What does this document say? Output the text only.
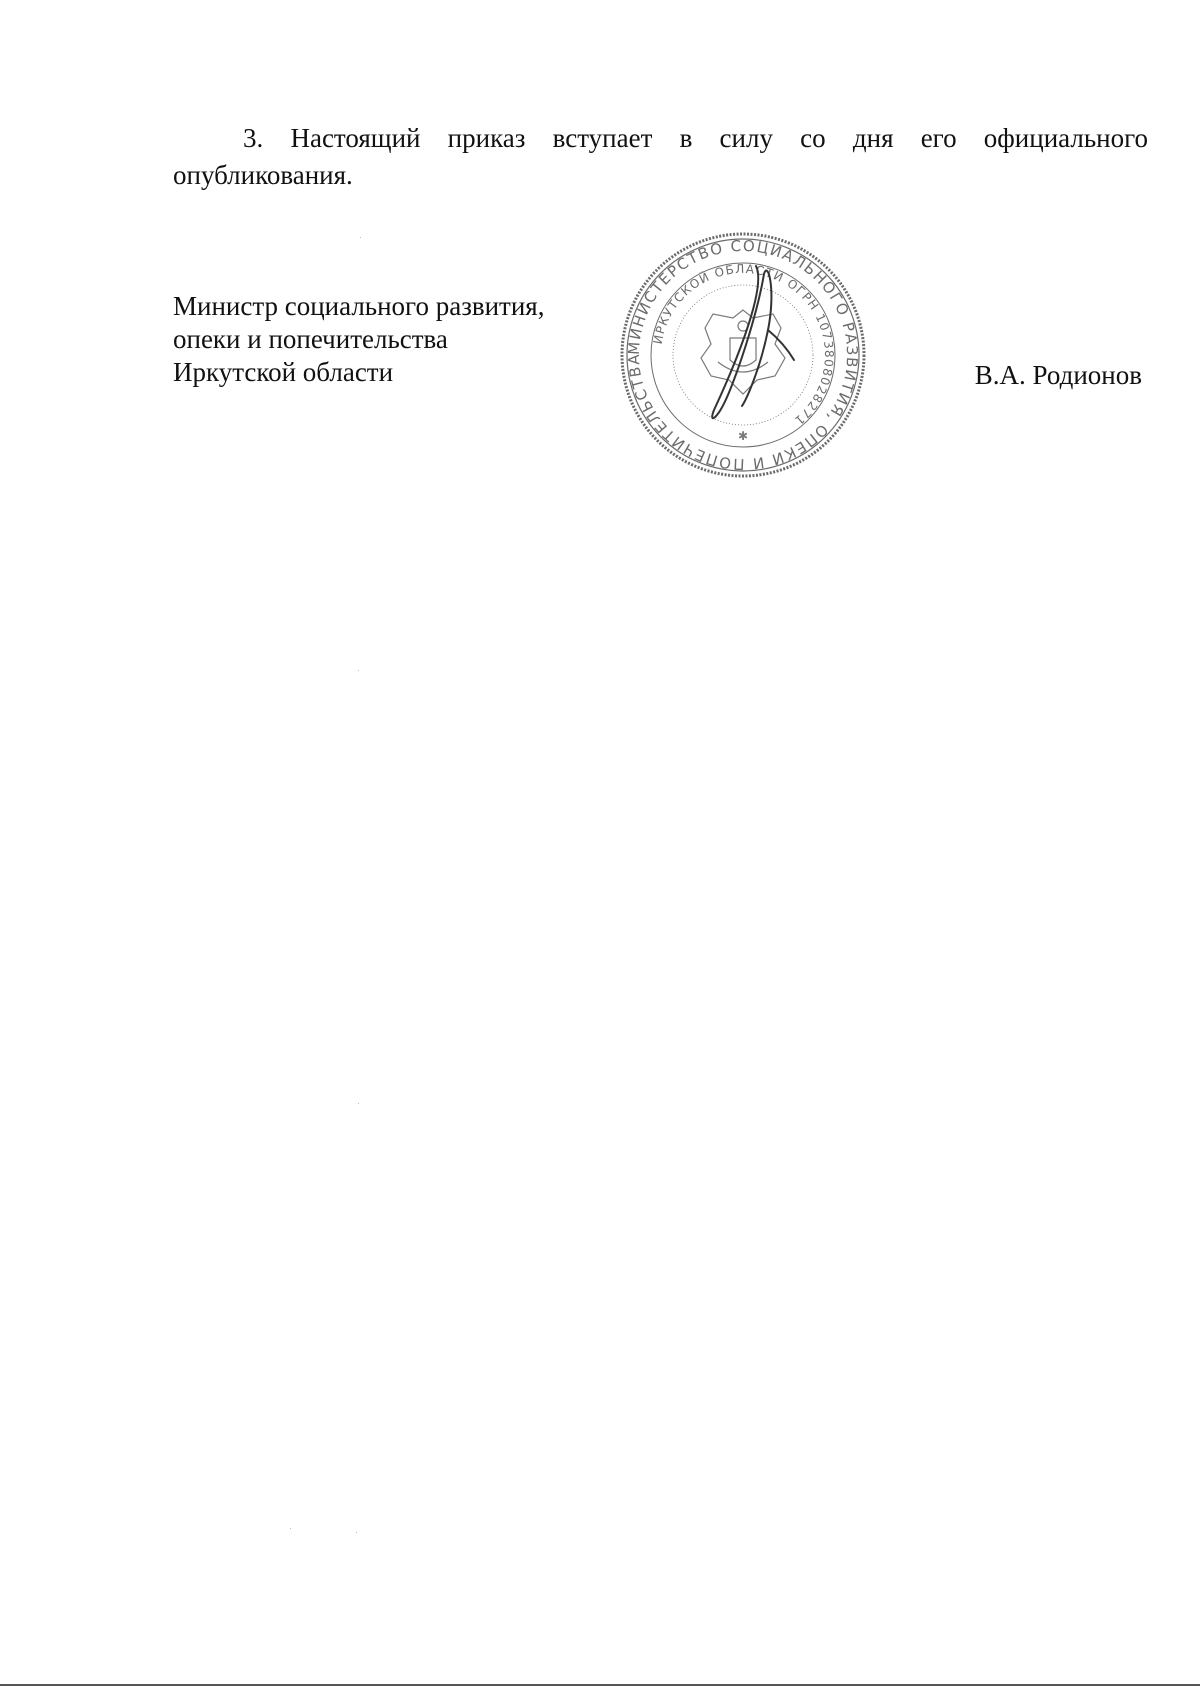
3. Настоящий приказ вступает в силу со дня его официального
опубликования.
Министр социального развития,
опеки и попечительства
Иркутской области
МИНИСТЕРСТВО СОЦИАЛЬНОГО РАЗВИТИЯ, ОПЕКИ И ПОПЕЧИТЕЛЬСТВА
ИРКУТСКОЙ ОБЛАСТИ ОГРН 1073808028271
✱
В.А. Родионов
